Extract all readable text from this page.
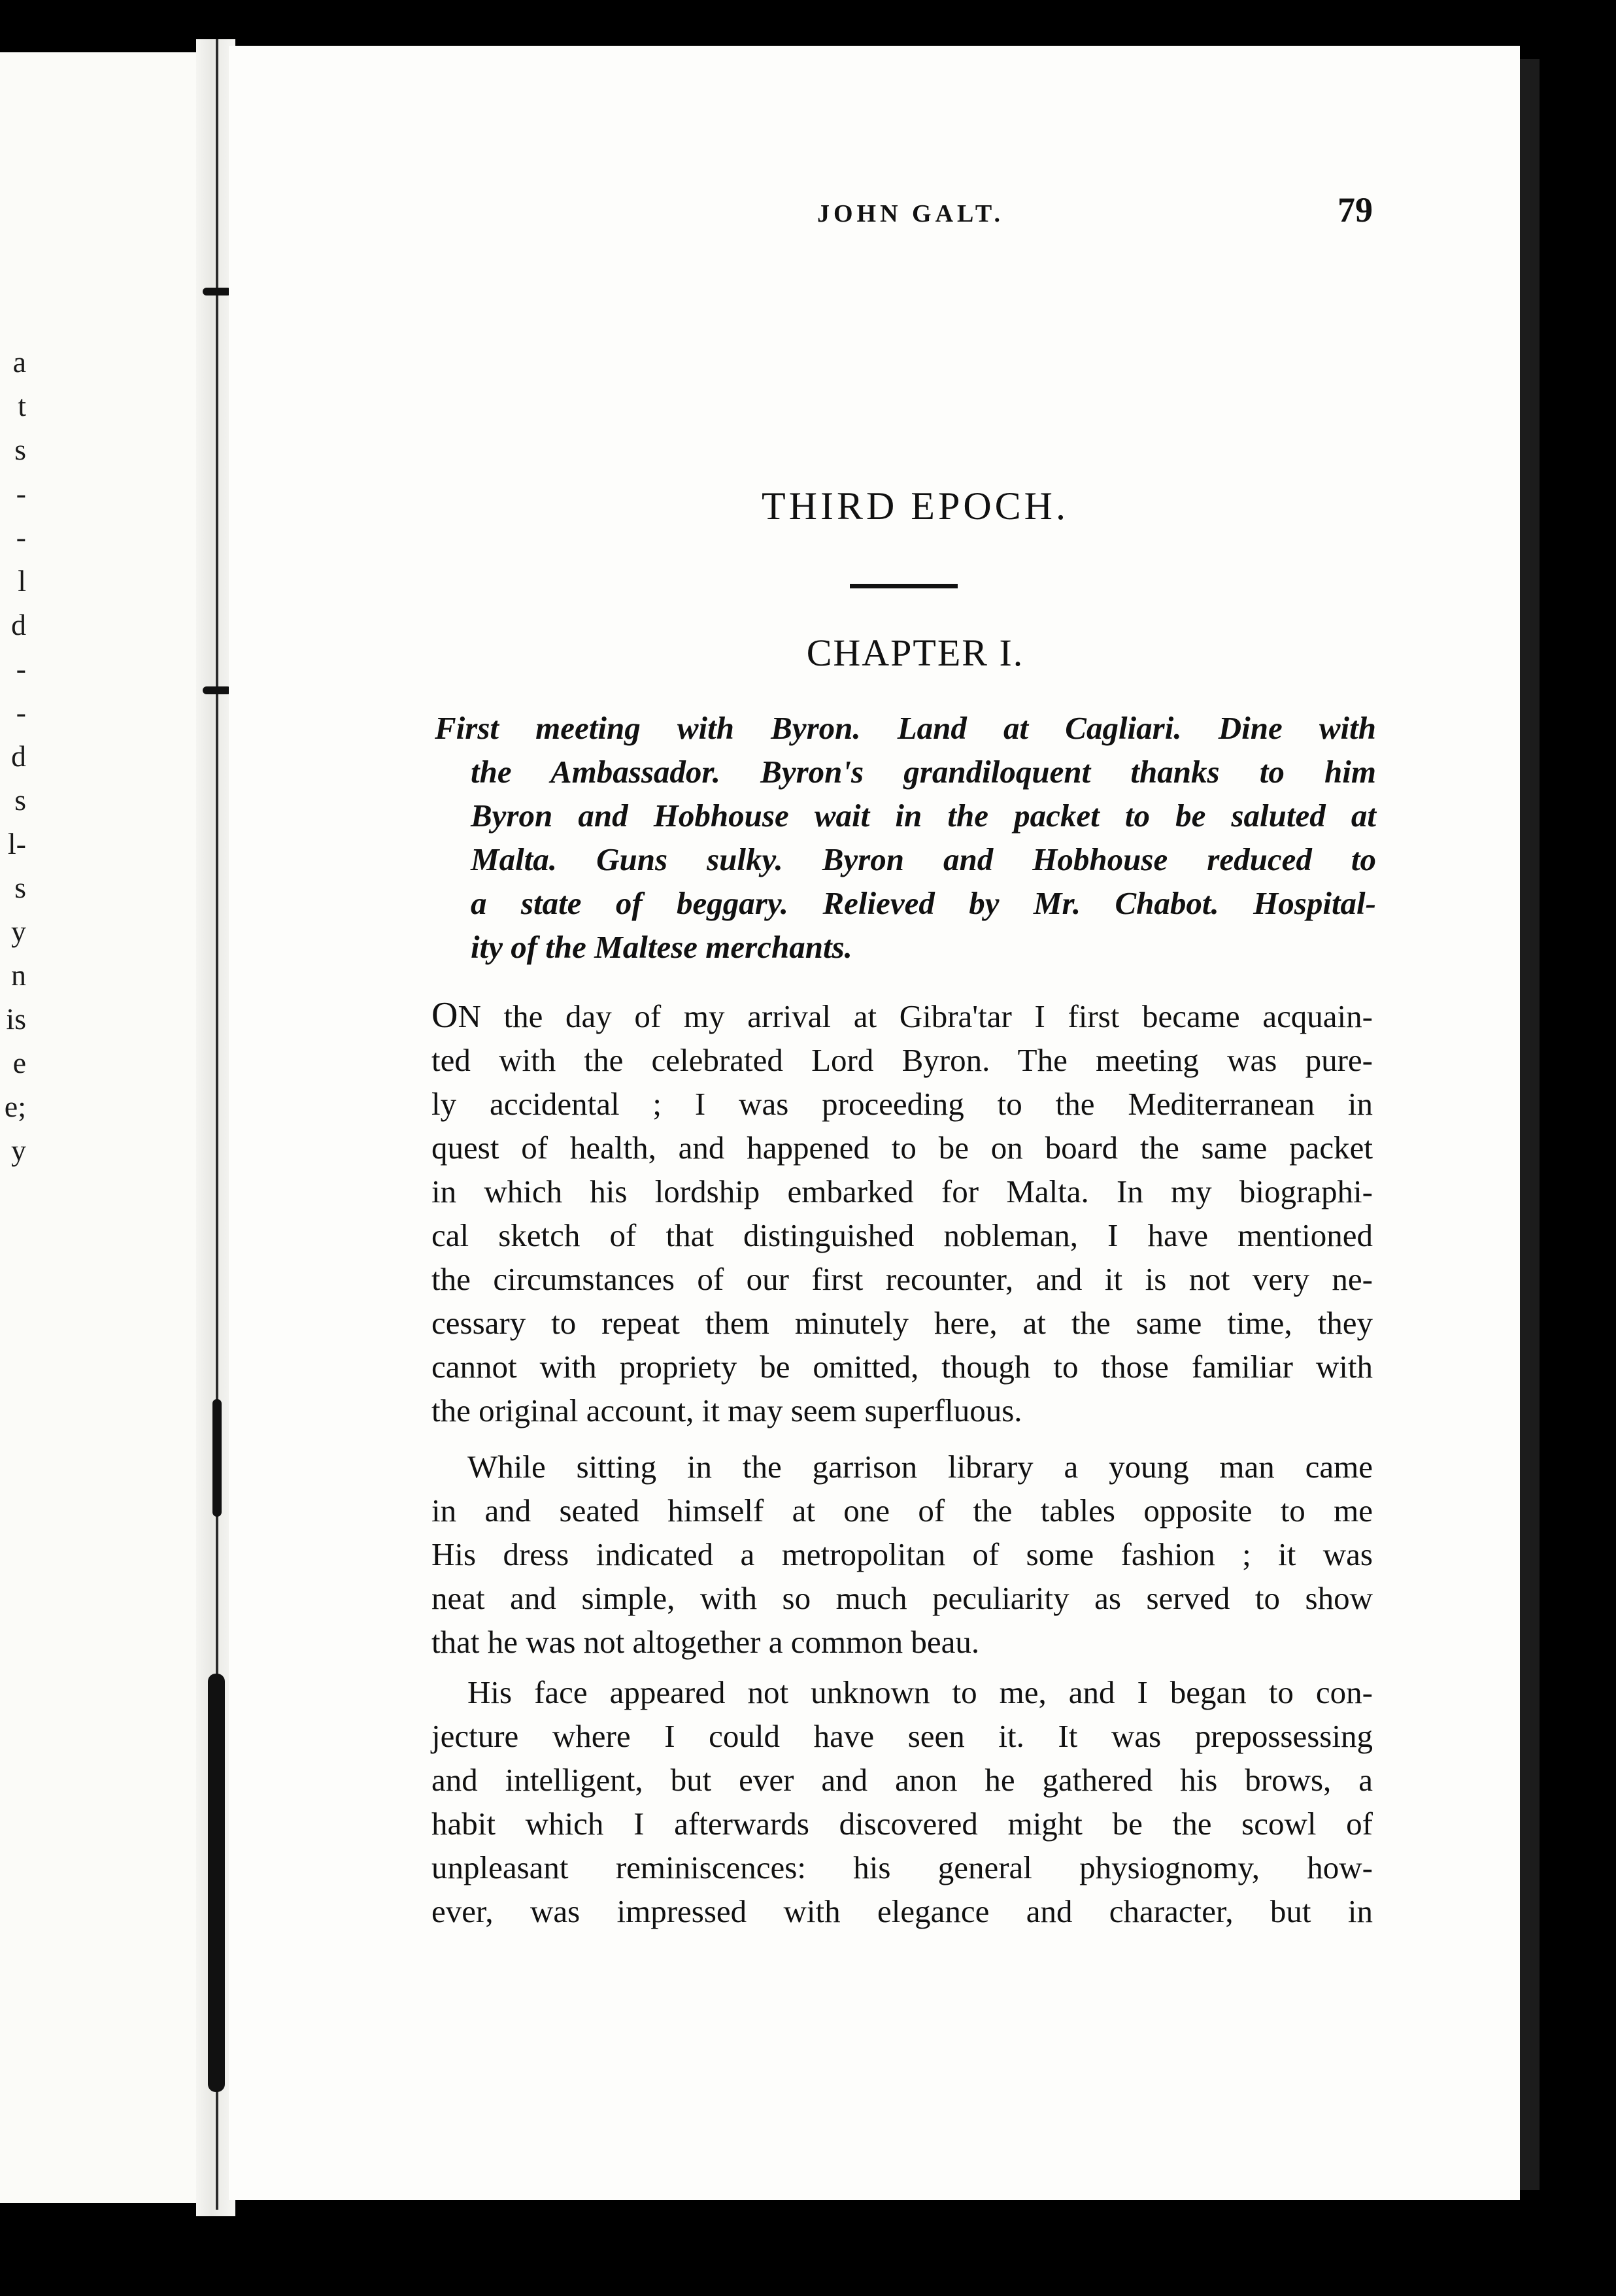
a
t
s
-
-
l
d
-
-
d
s
l-
s
y
n
is
e
e;
y
JOHN GALT.	79
THIRD EPOCH.
CHAPTER I.
First meeting with Byron. Land at Cagliari. Dine with
the Ambassador. Byron's grandiloquent thanks to him
Byron and Hobhouse wait in the packet to be saluted at
Malta. Guns sulky. Byron and Hobhouse reduced to
a state of beggary. Relieved by Mr. Chabot. Hospital-
ity of the Maltese merchants.
ON the day of my arrival at Gibra'tar I first became acquain-
ted with the celebrated Lord Byron. The meeting was pure-
ly accidental ; I was proceeding to the Mediterranean in
quest of health, and happened to be on board the same packet
in which his lordship embarked for Malta. In my biographi-
cal sketch of that distinguished nobleman, I have mentioned
the circumstances of our first recounter, and it is not very ne-
cessary to repeat them minutely here, at the same time, they
cannot with propriety be omitted, though to those familiar with
the original account, it may seem superfluous.
While sitting in the garrison library a young man came
in and seated himself at one of the tables opposite to me
His dress indicated a metropolitan of some fashion ; it was
neat and simple, with so much peculiarity as served to show
that he was not altogether a common beau.
His face appeared not unknown to me, and I began to con-
jecture where I could have seen it. It was prepossessing
and intelligent, but ever and anon he gathered his brows, a
habit which I afterwards discovered might be the scowl of
unpleasant reminiscences: his general physiognomy, how-
ever, was impressed with elegance and character, but in
